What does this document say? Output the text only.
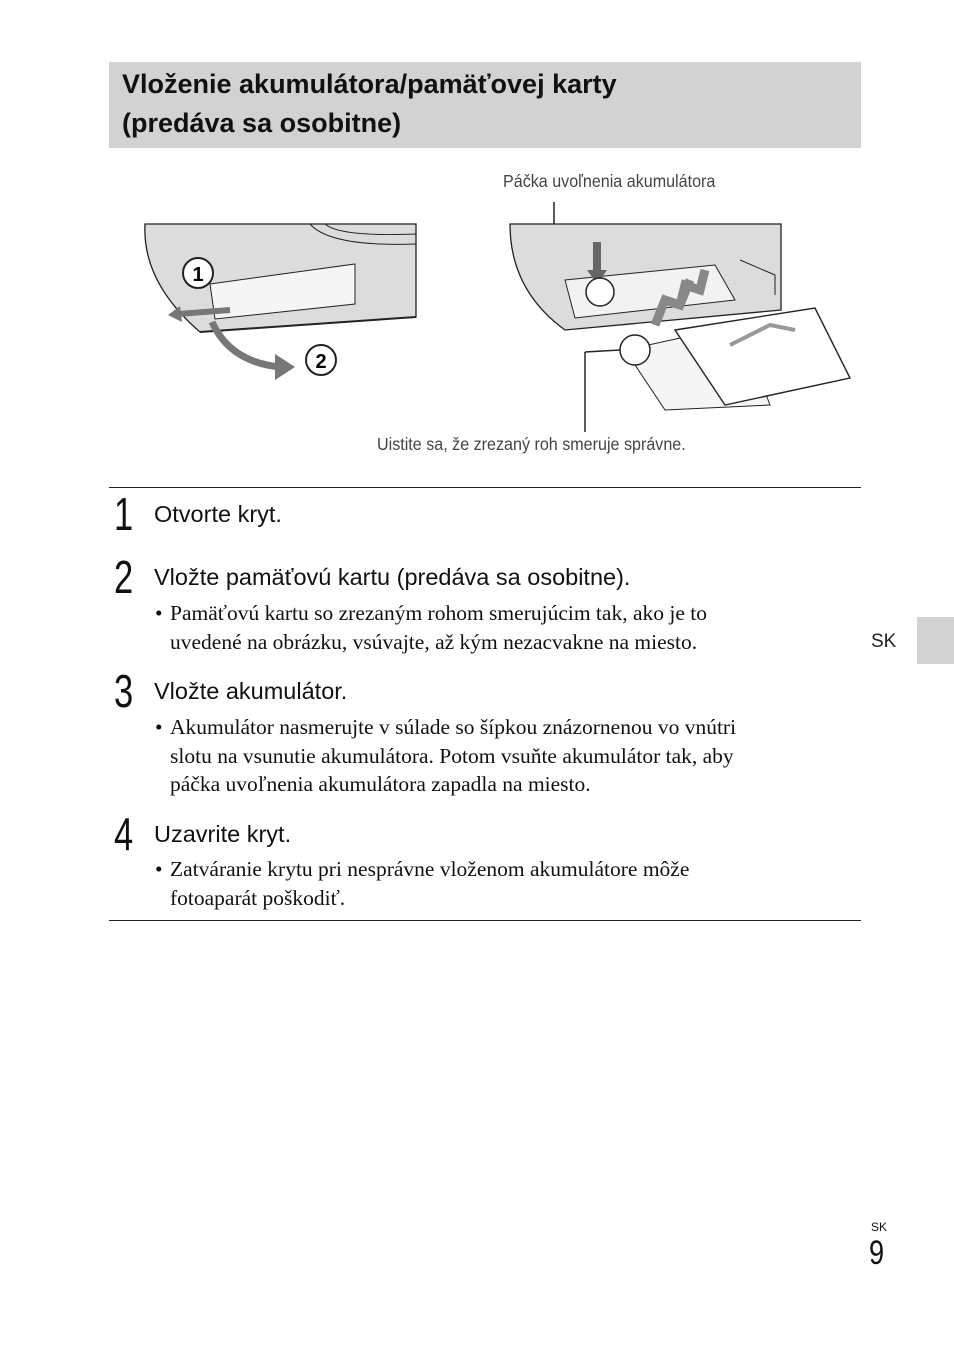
Vloženie akumulátora/pamäťovej karty
(predáva sa osobitne)
Páčka uvoľnenia akumulátora
Uistite sa, že zrezaný roh smeruje správne.
1
2
1 Otvorte kryt.
2 Vložte pamäťovú kartu (predáva sa osobitne).
• Pamäťovú kartu so zrezaným rohom smerujúcim tak, ako je to
uvedené na obrázku, vsúvajte, až kým nezacvakne na miesto.
3 Vložte akumulátor.
• Akumulátor nasmerujte v súlade so šípkou znázornenou vo vnútri
slotu na vsunutie akumulátora. Potom vsuňte akumulátor tak, aby
páčka uvoľnenia akumulátora zapadla na miesto.
4 Uzavrite kryt.
• Zatváranie krytu pri nesprávne vloženom akumulátore môže
fotoaparát poškodiť.
SK
SK
9
